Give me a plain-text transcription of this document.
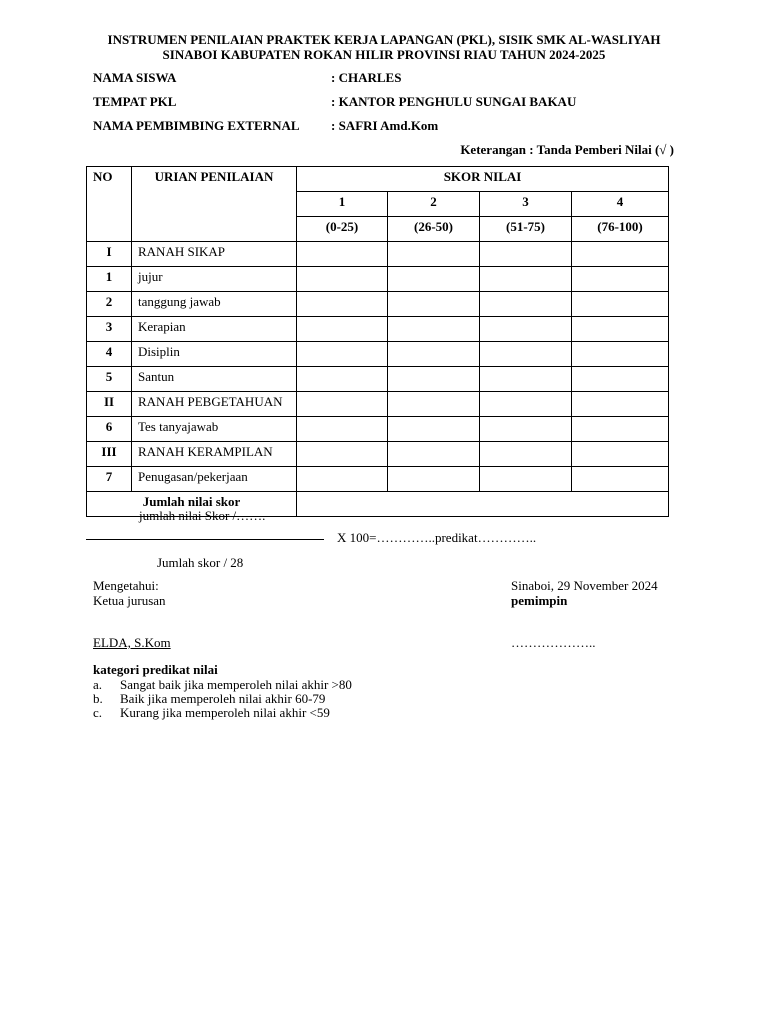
INSTRUMEN PENILAIAN PRAKTEK KERJA LAPANGAN (PKL), SISIK SMK AL-WASLIYAH
SINABOI KABUPATEN ROKAN HILIR PROVINSI RIAU TAHUN 2024-2025
NAMA SISWA	: CHARLES
TEMPAT PKL	: KANTOR PENGHULU SUNGAI BAKAU
NAMA PEMBIMBING EXTERNAL : SAFRI Amd.Kom
Keterangan : Tanda Pemberi Nilai (√ )
NO	URIAN PENILAIAN	SKOR NILAI			
		1	2	3	4
		(0-25)	(26-50)	(51-75)	(76-100)
I	RANAH SIKAP				
1	jujur				
2	tanggung jawab				
3	Kerapian				
4	Disiplin				
5	Santun				
II	RANAH PEBGETAHUAN				
6	Tes tanyajawab				
III	RANAH KERAMPILAN				
7	Penugasan/pekerjaan				
Jumlah nilai skor					
jumlah nilai Skor /…….
X 100=…………..predikat…………..
Jumlah skor / 28
Mengetahui:
Ketua jurusan
ELDA, S.Kom
Sinaboi, 29 November 2024
pemimpin
………………..
kategori predikat nilai
a. Sangat baik jika memperoleh nilai akhir >80
b. Baik jika memperoleh nilai akhir 60-79
c. Kurang jika memperoleh nilai akhir <59
